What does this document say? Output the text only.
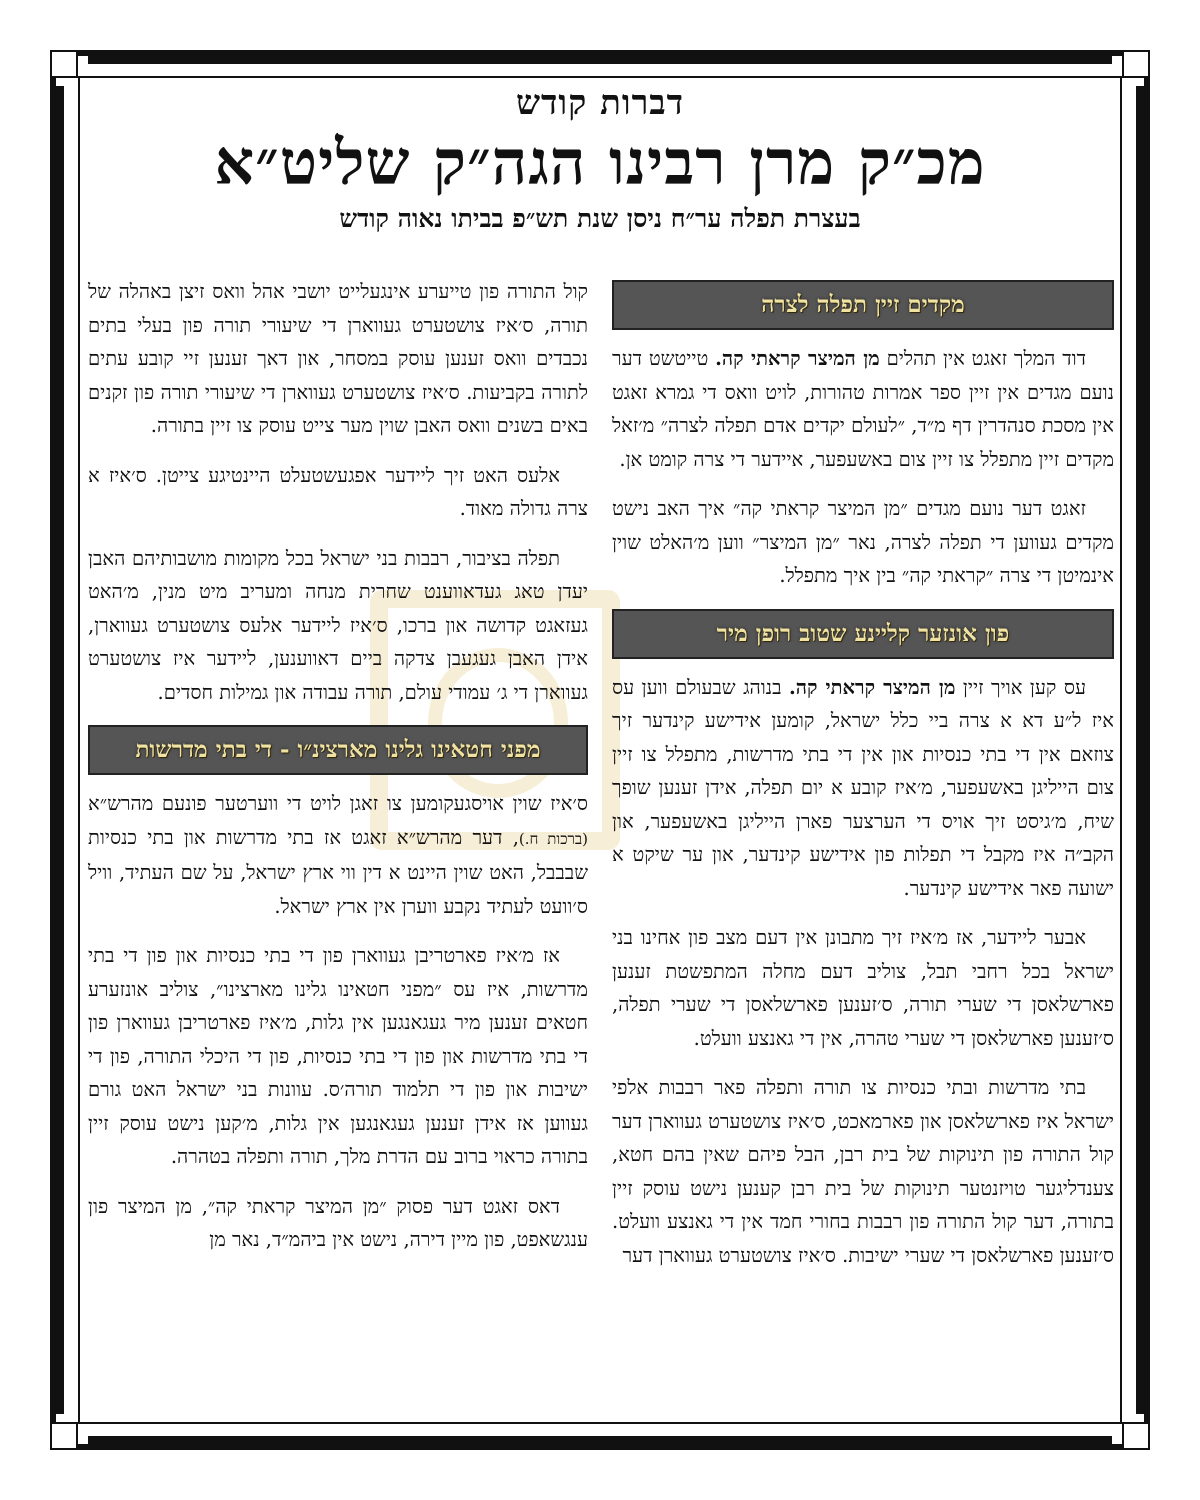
דברות קודש

מכ״ק מרן רבינו הגה״ק שליט״א

בעצרת תפלה ער״ח ניסן שנת תש״פ בביתו נאוה קודש

מקדים זיין תפלה לצרה

דוד המלך זאגט אין תהלים מן המיצר קראתי קה. טייטשט דער נועם מגדים אין זיין ספר אמרות טהורות, לויט וואס די גמרא זאגט אין מסכת סנהדרין דף מ״ד, ״לעולם יקדים אדם תפלה לצרה״ מ׳זאל מקדים זיין מתפלל צו זיין צום באשעפער, איידער די צרה קומט אן.

זאגט דער נועם מגדים ״מן המיצר קראתי קה״ איך האב נישט מקדים געווען די תפלה לצרה, נאר ״מן המיצר״ ווען מ׳האלט שוין אינמיטן די צרה ״קראתי קה״ בין איך מתפלל.

פון אונזער קליינע שטוב רופן מיר

עס קען אויך זיין מן המיצר קראתי קה. בנוהג שבעולם ווען עס איז ל״ע דא א צרה ביי כלל ישראל, קומען אידישע קינדער זיך צוזאם אין די בתי כנסיות און אין די בתי מדרשות, מתפלל צו זיין צום הייליגן באשעפער, מ׳איז קובע א יום תפלה, אידן זענען שופך שיח, מ׳גיסט זיך אויס די הערצער פארן הייליגן באשעפער, און הקב״ה איז מקבל די תפלות פון אידישע קינדער, און ער שיקט א ישועה פאר אידישע קינדער.

אבער ליידער, אז מ׳איז זיך מתבונן אין דעם מצב פון אחינו בני ישראל בכל רחבי תבל, צוליב דעם מחלה המתפשטת זענען פארשלאסן די שערי תורה, ס׳זענען פארשלאסן די שערי תפלה, ס׳זענען פארשלאסן די שערי טהרה, אין די גאנצע וועלט.

בתי מדרשות ובתי כנסיות צו תורה ותפלה פאר רבבות אלפי ישראל איז פארשלאסן און פארמאכט, ס׳איז צושטערט געווארן דער קול התורה פון תינוקות של בית רבן, הבל פיהם שאין בהם חטא, צענדליגער טויזנטער תינוקות של בית רבן קענען נישט עוסק זיין בתורה, דער קול התורה פון רבבות בחורי חמד אין די גאנצע וועלט. ס׳זענען פארשלאסן די שערי ישיבות. ס׳איז צושטערט געווארן דער

קול התורה פון טייערע אינגעלייט יושבי אהל וואס זיצן באהלה של תורה, ס׳איז צושטערט געווארן די שיעורי תורה פון בעלי בתים נכבדים וואס זענען עוסק במסחר, און דאך זענען זיי קובע עתים לתורה בקביעות. ס׳איז צושטערט געווארן די שיעורי תורה פון זקנים באים בשנים וואס האבן שוין מער צייט עוסק צו זיין בתורה.

אלעס האט זיך ליידער אפגעשטעלט היינטיגע צייטן. ס׳איז א צרה גדולה מאוד.

תפלה בציבור, רבבות בני ישראל בכל מקומות מושבותיהם האבן יעדן טאג געדאווענט שחרית מנחה ומעריב מיט מנין, מ׳האט געזאגט קדושה און ברכו, ס׳איז ליידער אלעס צושטערט געווארן, אידן האבן געגעבן צדקה ביים דאווענען, ליידער איז צושטערט געווארן די ג׳ עמודי עולם, תורה עבודה און גמילות חסדים.

מפני חטאינו גלינו מארצינ״ו - די בתי מדרשות

ס׳איז שוין אויסגעקומען צו זאגן לויט די ווערטער פונעם מהרש״א (ברכות ח.), דער מהרש״א זאגט אז בתי מדרשות און בתי כנסיות שבבבל, האט שוין היינט א דין ווי ארץ ישראל, על שם העתיד, וויל ס׳וועט לעתיד נקבע ווערן אין ארץ ישראל.

אז מ׳איז פארטריבן געווארן פון די בתי כנסיות און פון די בתי מדרשות, איז עס ״מפני חטאינו גלינו מארצינו״, צוליב אונזערע חטאים זענען מיר געגאנגען אין גלות, מ׳איז פארטריבן געווארן פון די בתי מדרשות און פון די בתי כנסיות, פון די היכלי התורה, פון די ישיבות און פון די תלמוד תורה׳ס. עוונות בני ישראל האט גורם געווען אז אידן זענען געגאנגען אין גלות, מ׳קען נישט עוסק זיין בתורה כראוי ברוב עם הדרת מלך, תורה ותפלה בטהרה.

דאס זאגט דער פסוק ״מן המיצר קראתי קה״, מן המיצר פון ענגשאפט, פון מיין דירה, נישט אין ביהמ״ד, נאר מן
